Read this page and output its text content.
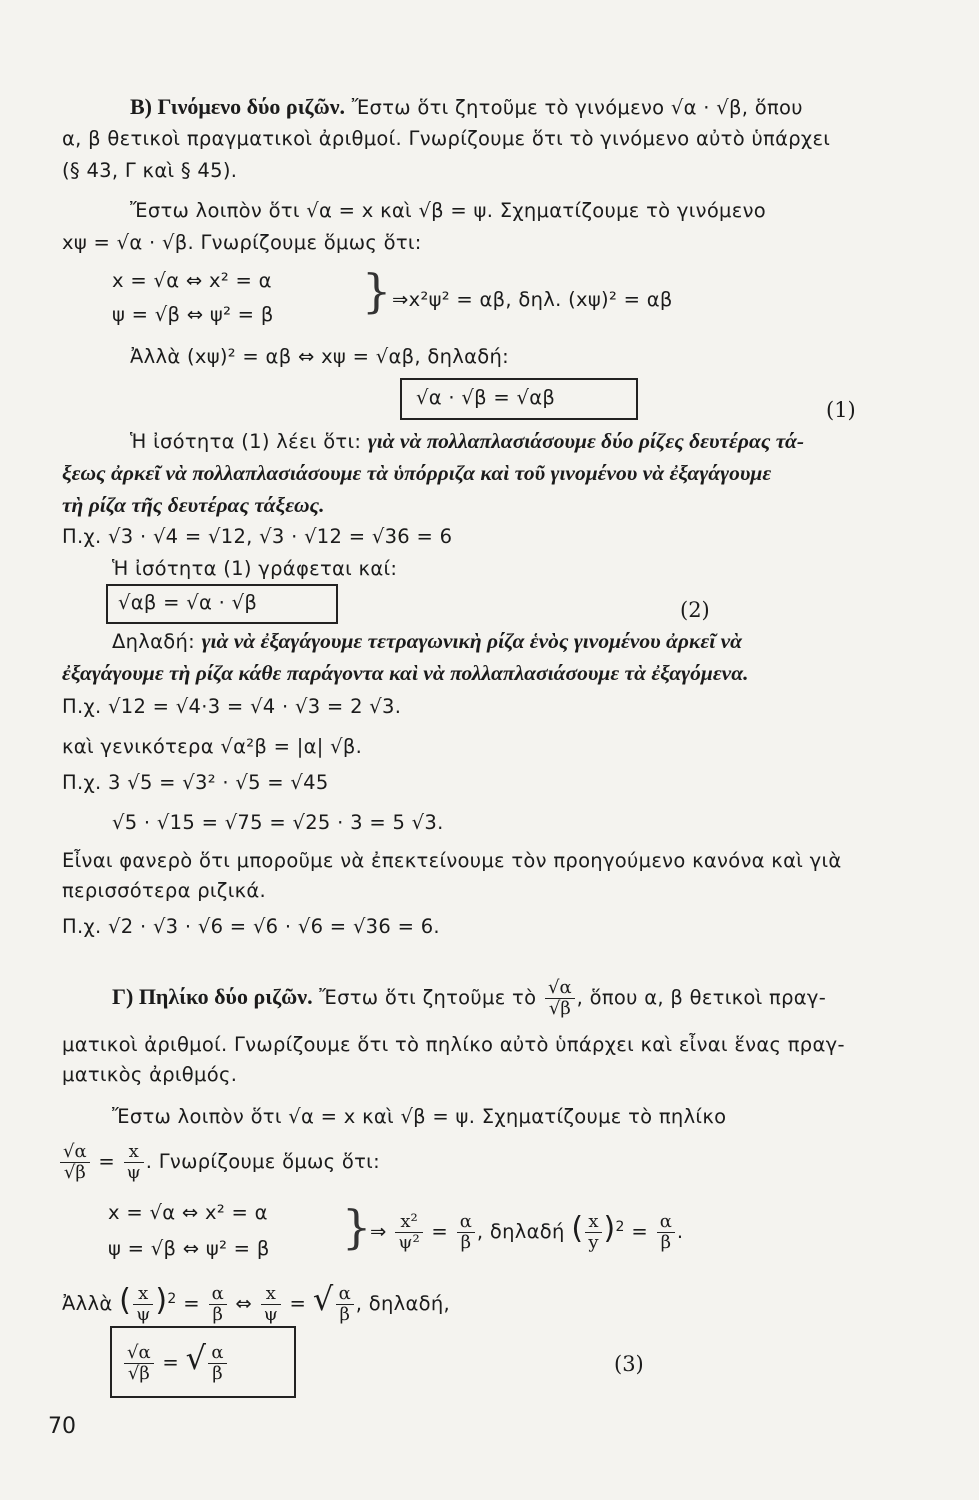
Β) Γινόμενο δύο ριζῶν. Ἔστω ὅτι ζητοῦμε τὸ γινόμενο √α · √β, ὅπου
α, β θετικοὶ πραγματικοὶ ἀριθμοί. Γνωρίζουμε ὅτι τὸ γινόμενο αὐτὸ ὑπάρχει
(§ 43, Γ καὶ § 45).
Ἔστω λοιπὸν ὅτι √α = x καὶ √β = ψ. Σχηματίζουμε τὸ γινόμενο
xψ = √α · √β. Γνωρίζουμε ὅμως ὅτι:
x = √α ⇔ x² = α
ψ = √β ⇔ ψ² = β } ⇒x²ψ² = αβ, δηλ. (xψ)² = αβ
Ἀλλὰ (xψ)² = αβ ⇔ xψ = √αβ, δηλαδή:
√α · √β = √αβ
(1)
Ἡ ἰσότητα (1) λέει ὅτι: γιὰ νὰ πολλαπλασιάσουμε δύο ρίζες δευτέρας τά-
ξεως ἀρκεῖ νὰ πολλαπλασιάσουμε τὰ ὑπόρριζα καὶ τοῦ γινομένου νὰ ἐξαγάγουμε
τὴ ρίζα τῆς δευτέρας τάξεως.
Π.χ. √3 · √4 = √12, √3 · √12 = √36 = 6
Ἡ ἰσότητα (1) γράφεται καί:
√αβ = √α · √β	(2)
Δηλαδή: γιὰ νὰ ἐξαγάγουμε τετραγωνικὴ ρίζα ἑνὸς γινομένου ἀρκεῖ νὰ
ἐξαγάγουμε τὴ ρίζα κάθε παράγοντα καὶ νὰ πολλαπλασιάσουμε τὰ ἐξαγόμενα.
Π.χ. √12 = √4·3 = √4 · √3 = 2 √3.
καὶ γενικότερα √α²β = |α| √β.
Π.χ. 3 √5 = √3² · √5 = √45
√5 · √15 = √75 = √25 · 3 = 5 √3.
Εἶναι φανερὸ ὅτι μποροῦμε νὰ ἐπεκτείνουμε τὸν προηγούμενο κανόνα καὶ γιὰ
περισσότερα ριζικά.
Π.χ. √2 · √3 · √6 = √6 · √6 = √36 = 6.
Γ) Πηλίκο δύο ριζῶν. Ἔστω ὅτι ζητοῦμε τὸ $\frac{√\alpha}{√\beta}$ , ὅπου α, β θετικοὶ πραγ-
ματικοὶ ἀριθμοί. Γνωρίζουμε ὅτι τὸ πηλίκο αὐτὸ ὑπάρχει καὶ εἶναι ἕνας πραγ-
ματικὸς ἀριθμός.
Ἔστω λοιπὸν ὅτι √α = x καὶ √β = ψ. Σχηματίζουμε τὸ πηλίκο
$\frac{√\alpha}{√\beta} = \frac{x}{\psi}$ . Γνωρίζουμε ὅμως ὅτι:
x = √α ⇔ x² = α
ψ = √β ⇔ ψ² = β }
⇒ $\frac{\text{x²}}{\text{ψ²}} = \frac{\alpha}{\beta}$ , δηλαδή ( $\frac{x}{y} )^2 = \frac{\alpha}{\beta}$ .
Ἀλλὰ ( $\frac{x}{\psi} )^2 = \frac{\alpha}{\beta}$ ⇔ $\frac{x}{\psi}$ = √ $\frac{\alpha}{\beta}$ , δηλαδή,
$\frac{√\alpha}{√\beta}$ = √ $\frac{\alpha}{\beta}$	(3)
70
